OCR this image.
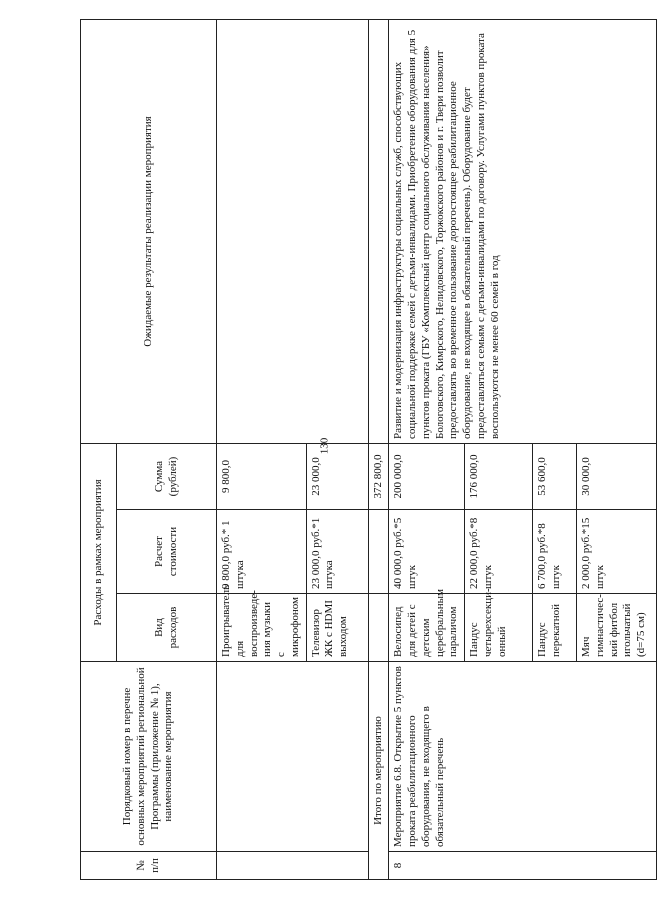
130
№ п/п	Порядковый номер в перечне основных мероприятий региональной Программы (приложение № 1), наименование мероприятия	Расходы в рамках мероприятия			Ожидаемые результаты реализации мероприятия
		Вид расходов	Расчет стоимости	Сумма (рублей)	
		Проигрыватель для воспроизведе-ния музыки с микрофоном	9 800,0 руб.* 1 штука	9 800,0	
		Телевизор ЖК с HDMI выходом	23 000,0 руб.*1 штука	23 000,0	
Итого по мероприятию				372 800,0	
8	Мероприятие 6.8. Открытие 5 пунктов проката реабилитационного оборудования, не входящего в обязательный перечень	Велосипед для детей с детским церебральным параличом	40 000,0 руб.*5 штук	200 000,0	Развитие и модернизация инфраструктуры социальных служб, способствующих социальной поддержке семей с детьми-инвалидами. Приобретение оборудования для 5 пунктов проката (ГБУ «Комплексный центр социального обслуживания населения» Бологовского, Кимрского, Нелидовского, Торжокского районов и г. Твери позволит предоставлять во временное пользование дорогостоящее реабилитационное оборудование, не входящее в обязательный перечень). Оборудование будет предоставляться семьям с детьми-инвалидами по договору. Услугами пунктов проката воспользуются не менее 60 семей в год
		Пандус четырехсекци-онный	22 000,0 руб.*8 штук	176 000,0	
		Пандус перекатной	6 700,0 руб.*8 штук	53 600,0	
		Мяч гимнастичес-кий фитбол игольчатый (d=75 см)	2 000,0 руб.*15 штук	30 000,0	
